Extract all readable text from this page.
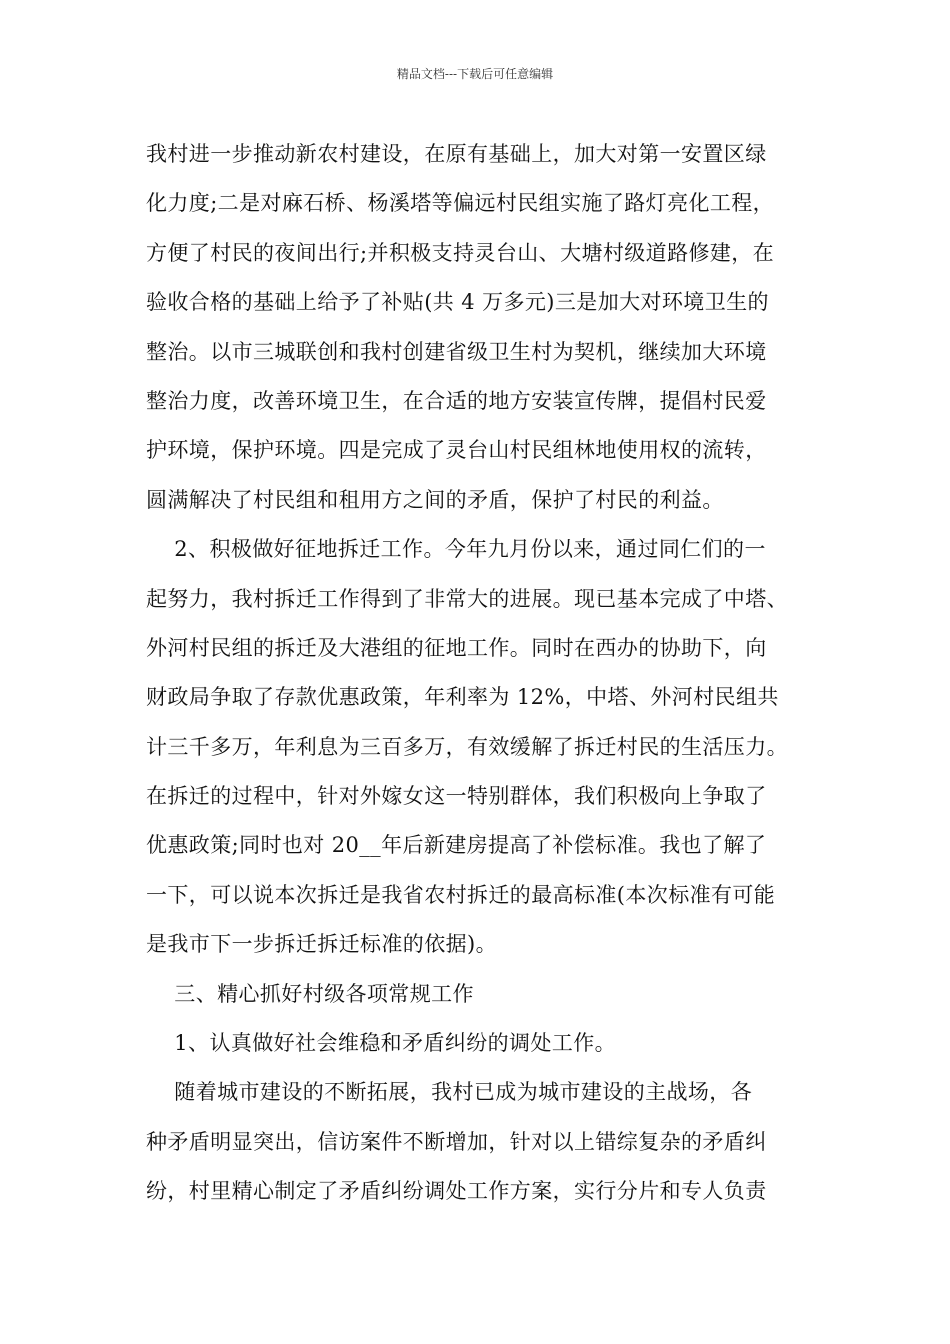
精品文档---下载后可任意编辑
我村进一步推动新农村建设，在原有基础上，加大对第一安置区绿
化力度;二是对麻石桥、杨溪塔等偏远村民组实施了路灯亮化工程，
方便了村民的夜间出行;并积极支持灵台山、大塘村级道路修建，在
验收合格的基础上给予了补贴(共 4 万多元)三是加大对环境卫生的
整治。以市三城联创和我村创建省级卫生村为契机，继续加大环境
整治力度，改善环境卫生，在合适的地方安装宣传牌，提倡村民爱
护环境，保护环境。四是完成了灵台山村民组林地使用权的流转，
圆满解决了村民组和租用方之间的矛盾，保护了村民的利益。
2、积极做好征地拆迁工作。今年九月份以来，通过同仁们的一
起努力，我村拆迁工作得到了非常大的进展。现已基本完成了中塔、
外河村民组的拆迁及大港组的征地工作。同时在西办的协助下，向
财政局争取了存款优惠政策，年利率为 12%，中塔、外河村民组共
计三千多万，年利息为三百多万，有效缓解了拆迁村民的生活压力。
在拆迁的过程中，针对外嫁女这一特别群体，我们积极向上争取了
优惠政策;同时也对 20__年后新建房提高了补偿标准。我也了解了
一下，可以说本次拆迁是我省农村拆迁的最高标准(本次标准有可能
是我市下一步拆迁拆迁标准的依据)。
三、精心抓好村级各项常规工作
1、认真做好社会维稳和矛盾纠纷的调处工作。
随着城市建设的不断拓展，我村已成为城市建设的主战场，各
种矛盾明显突出，信访案件不断增加，针对以上错综复杂的矛盾纠
纷，村里精心制定了矛盾纠纷调处工作方案，实行分片和专人负责
